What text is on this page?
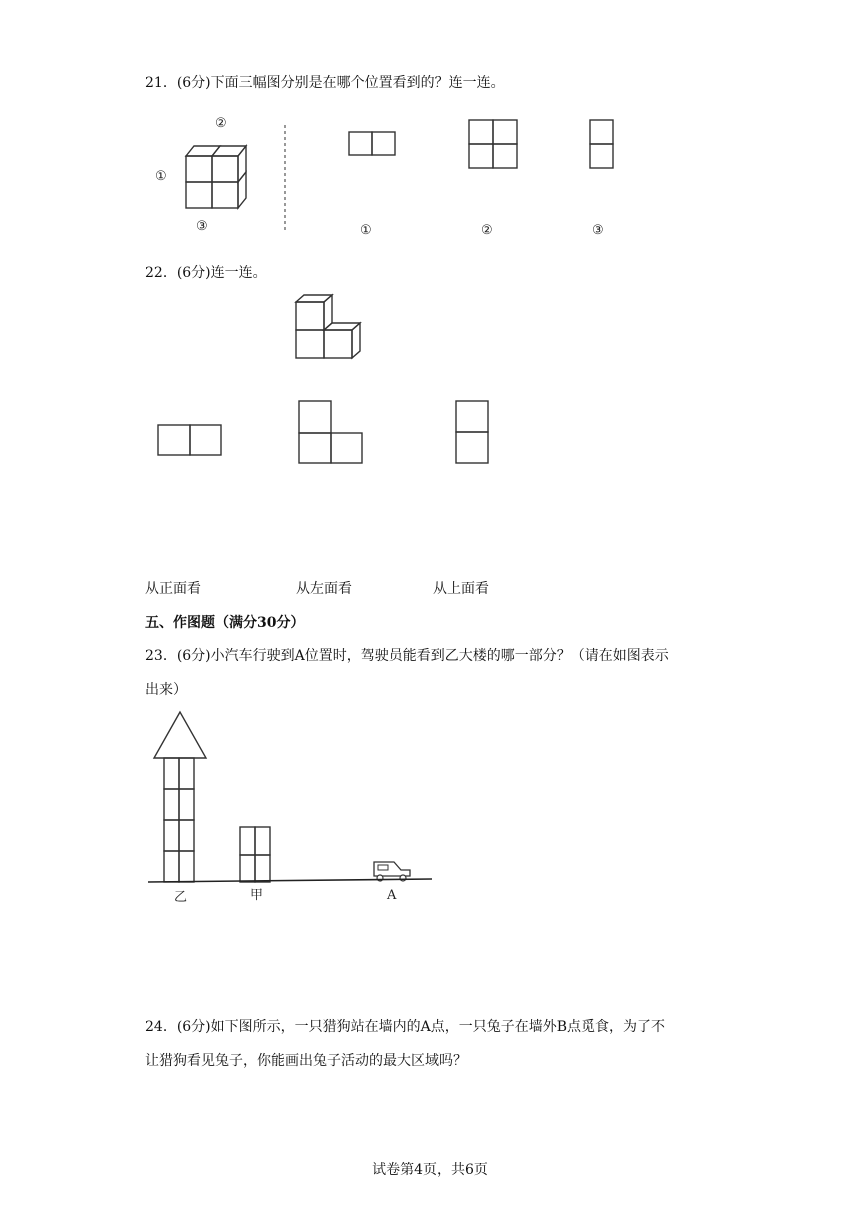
21．(6分)下面三幅图分别是在哪个位置看到的？连一连。
②
①
③	①	②	③
22．(6分)连一连。
从正面看	从左面看	从上面看
五、作图题（满分30分）
23．(6分)小汽车行驶到A位置时，驾驶员能看到乙大楼的哪一部分？（请在如图表示
出来）
乙	甲	A
24．(6分)如下图所示，一只猎狗站在墙内的A点，一只兔子在墙外B点觅食，为了不
让猎狗看见兔子，你能画出兔子活动的最大区域吗？
试卷第4页，共6页
